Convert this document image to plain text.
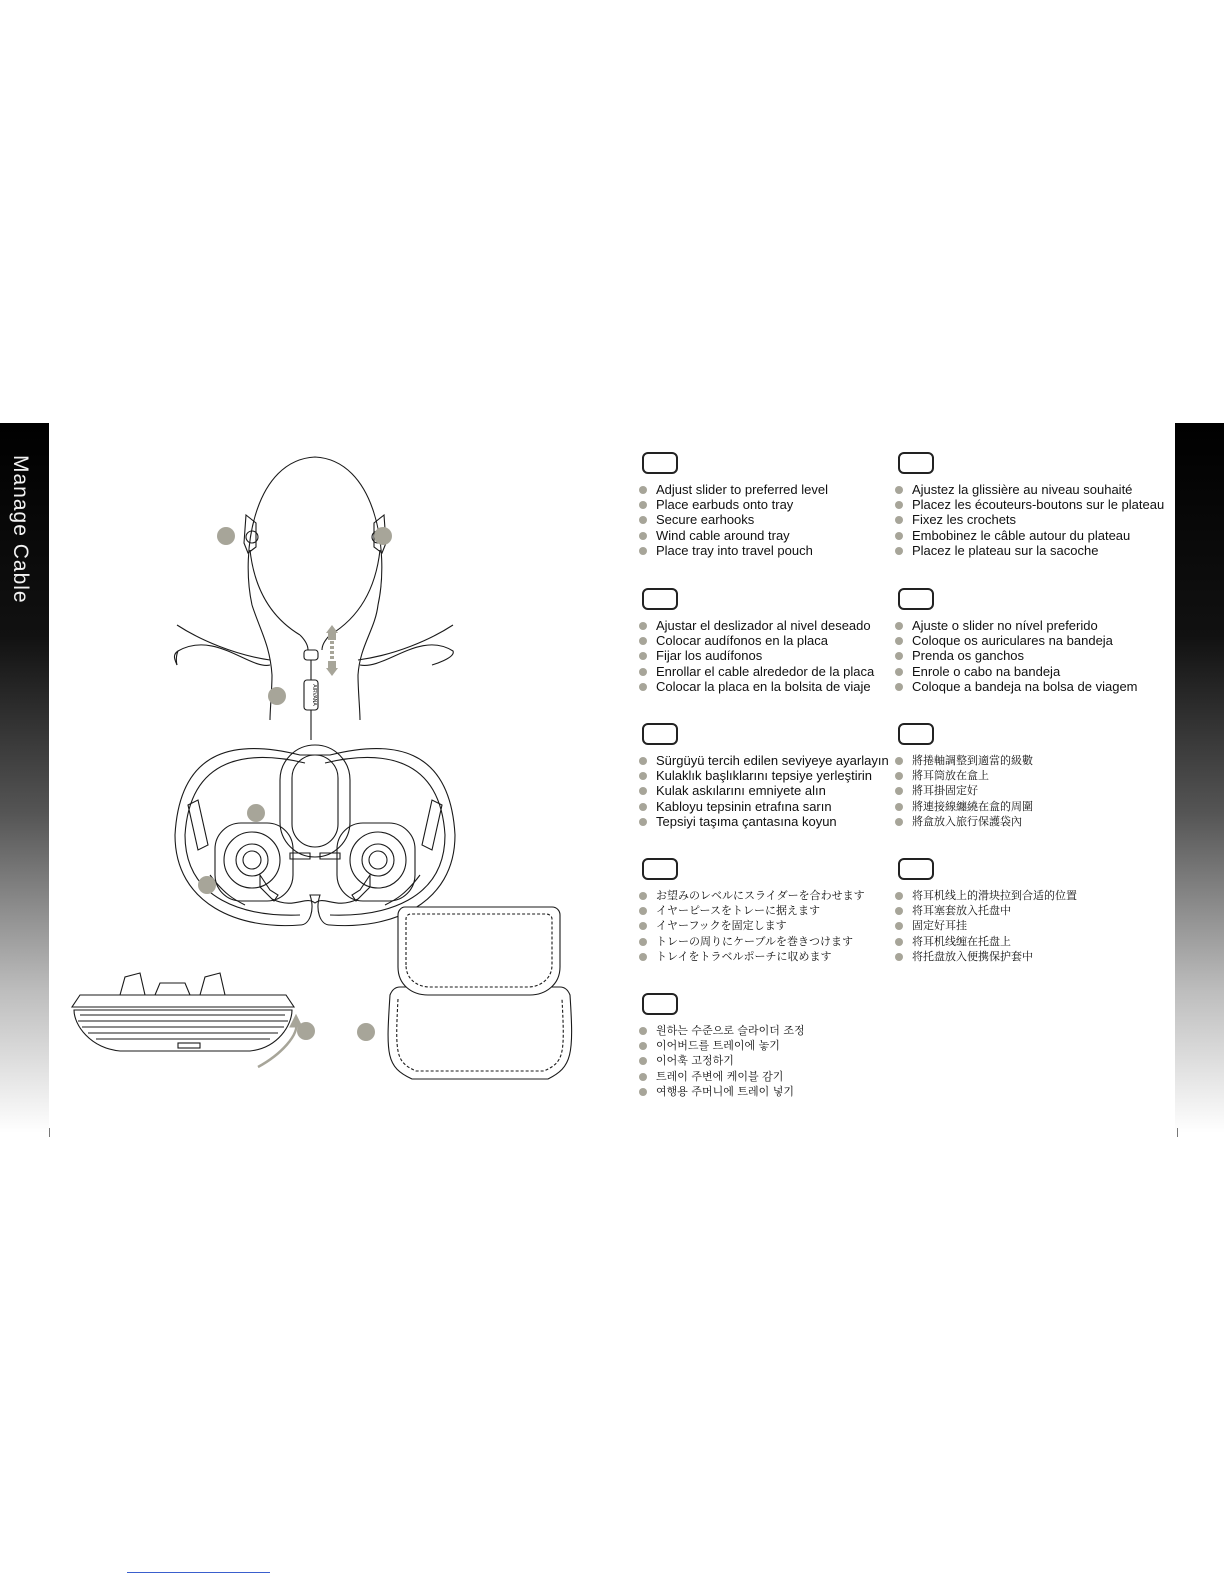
Manage Cable
AIRVANA
Adjust slider to preferred level
Place earbuds onto tray
Secure earhooks
Wind cable around tray
Place tray into travel pouch
Ajustez la glissière au niveau souhaité
Placez les écouteurs-boutons sur le plateau
Fixez les crochets
Embobinez le câble autour du plateau
Placez le plateau sur la sacoche
Ajustar el deslizador al nivel deseado
Colocar audífonos en la placa
Fijar los audífonos
Enrollar el cable alrededor de la placa
Colocar la placa en la bolsita de viaje
Ajuste o slider no nível preferido
Coloque os auriculares na bandeja
Prenda os ganchos
Enrole o cabo na bandeja
Coloque a bandeja na bolsa de viagem
Sürgüyü tercih edilen seviyeye ayarlayın
Kulaklık başlıklarını tepsiye yerleştirin
Kulak askılarını emniyete alın
Kabloyu tepsinin etrafına sarın
Tepsiyi taşıma çantasına koyun
將捲軸調整到適當的級數
將耳筒放在盒上
將耳掛固定好
將連接線纏繞在盒的周圍
將盒放入旅行保護袋內
お望みのレベルにスライダーを合わせます
イヤーピースをトレーに据えます
イヤーフックを固定します
トレーの周りにケーブルを巻きつけます
トレイをトラベルポーチに収めます
将耳机线上的滑块拉到合适的位置
将耳塞套放入托盘中
固定好耳挂
将耳机线缠在托盘上
将托盘放入便携保护套中
원하는 수준으로 슬라이더 조정
이어버드를 트레이에 놓기
이어훅 고정하기
트레이 주변에 케이블 감기
여행용 주머니에 트레이 넣기
